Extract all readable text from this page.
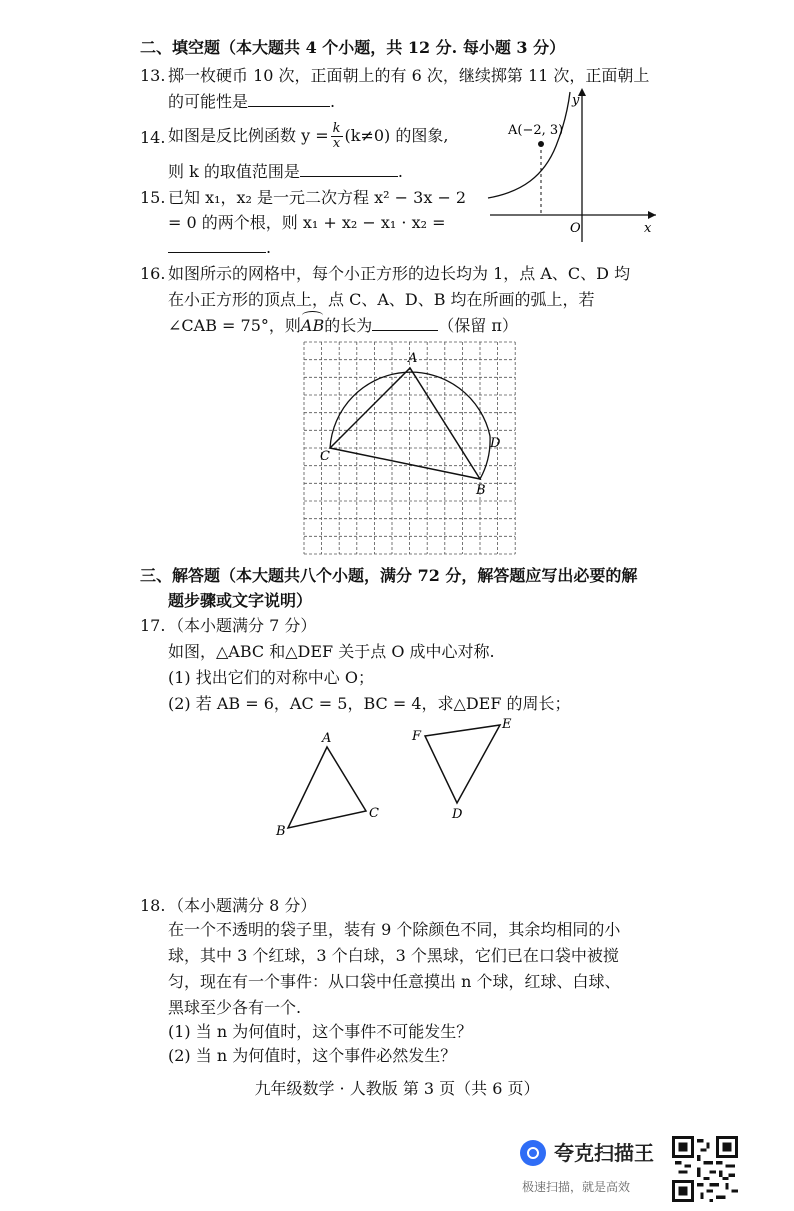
二、填空题（本大题共 4 个小题，共 12 分. 每小题 3 分）
13. 掷一枚硬币 10 次，正面朝上的有 6 次，继续掷第 11 次，正面朝上
的可能性是	.
14. 如图是反比例函数 $y = \frac{k}{x} (k\ne 0)$ 的图象,
则 k 的取值范围是	.
A(−2, 3)
y
x
O
15. 已知 x₁，x₂ 是一元二次方程 x² − 3x − 2
= 0 的两个根，则 x₁ + x₂ − x₁ · x₂ =
.
16. 如图所示的网格中，每个小正方形的边长均为 1，点 A、C、D 均
在小正方形的顶点上，点 C、A、D、B 均在所画的弧上，若
∠CAB = 75°，则AB的长为	（保留 π）
A
C
D
B
三、解答题（本大题共八个小题，满分 72 分，解答题应写出必要的解
题步骤或文字说明）
17. （本小题满分 7 分）
如图，△ABC 和△DEF 关于点 O 成中心对称.
(1) 找出它们的对称中心 O；
(2) 若 AB = 6，AC = 5，BC = 4，求△DEF 的周长；
A
B
C
F
E
D
18. （本小题满分 8 分）
在一个不透明的袋子里，装有 9 个除颜色不同，其余均相同的小
球，其中 3 个红球，3 个白球，3 个黑球，它们已在口袋中被搅
匀，现在有一个事件：从口袋中任意摸出 n 个球，红球、白球、
黑球至少各有一个.
(1) 当 n 为何值时，这个事件不可能发生？
(2) 当 n 为何值时，这个事件必然发生？
九年级数学 · 人教版 第 3 页（共 6 页）
夸克扫描王
极速扫描，就是高效
